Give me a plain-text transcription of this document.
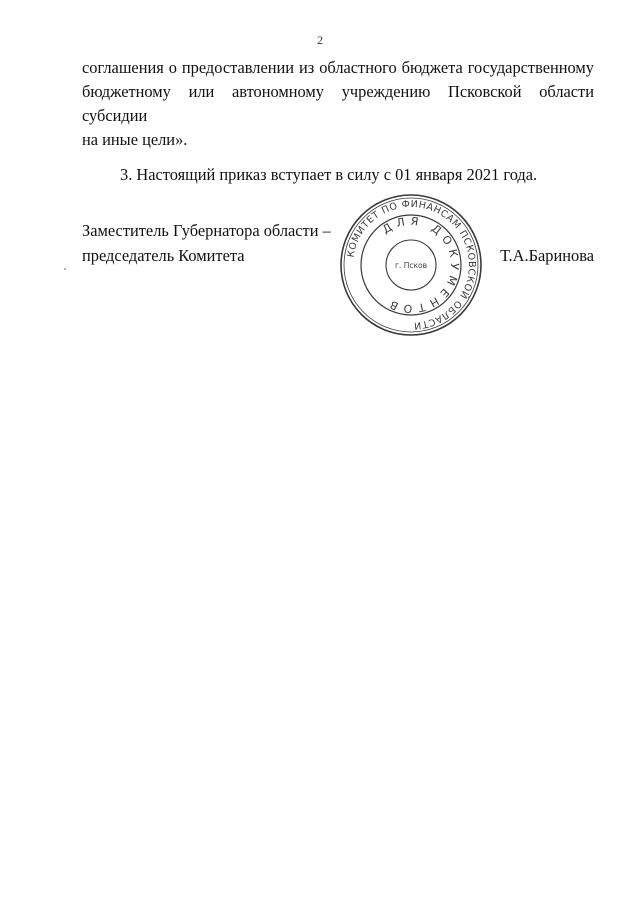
2
соглашения о предоставлении из областного бюджета государственному
бюджетному или автономному учреждению Псковской области субсидии
на иные цели».
3. Настоящий приказ вступает в силу с 01 января 2021 года.
Заместитель Губернатора области –
председатель Комитета	Т.А.Баринова
КОМИТЕТ ПО ФИНАНСАМ ПСКОВСКОЙ ОБЛАСТИ
ДЛЯ ДОКУМЕНТОВ
г. Псков
